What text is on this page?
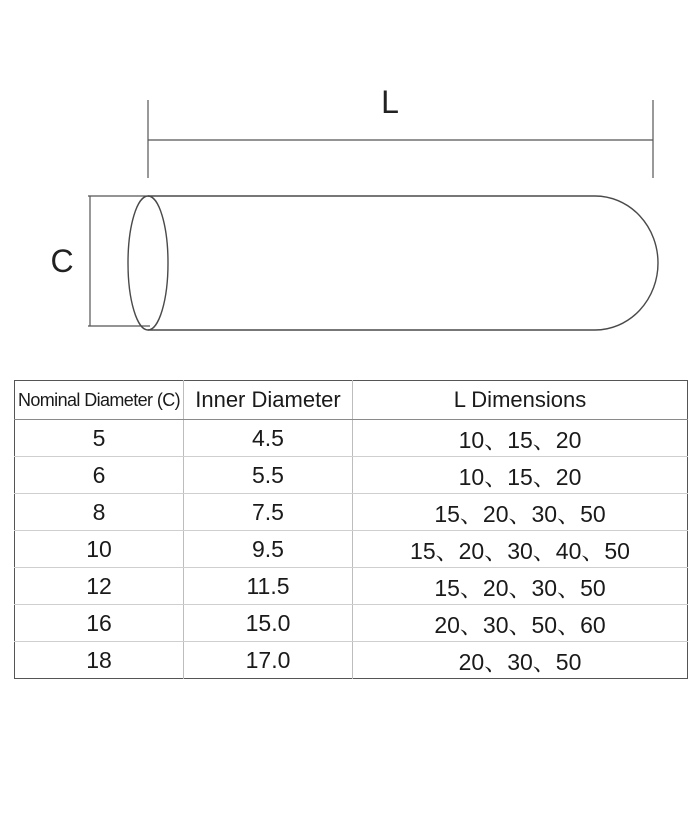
L
C
Nominal Diameter (C)	Inner Diameter	L Dimensions
5	4.5	10、15、20
6	5.5	10、15、20
8	7.5	15、20、30、50
10	9.5	15、20、30、40、50
12	11.5	15、20、30、50
16	15.0	20、30、50、60
18	17.0	20、30、50
